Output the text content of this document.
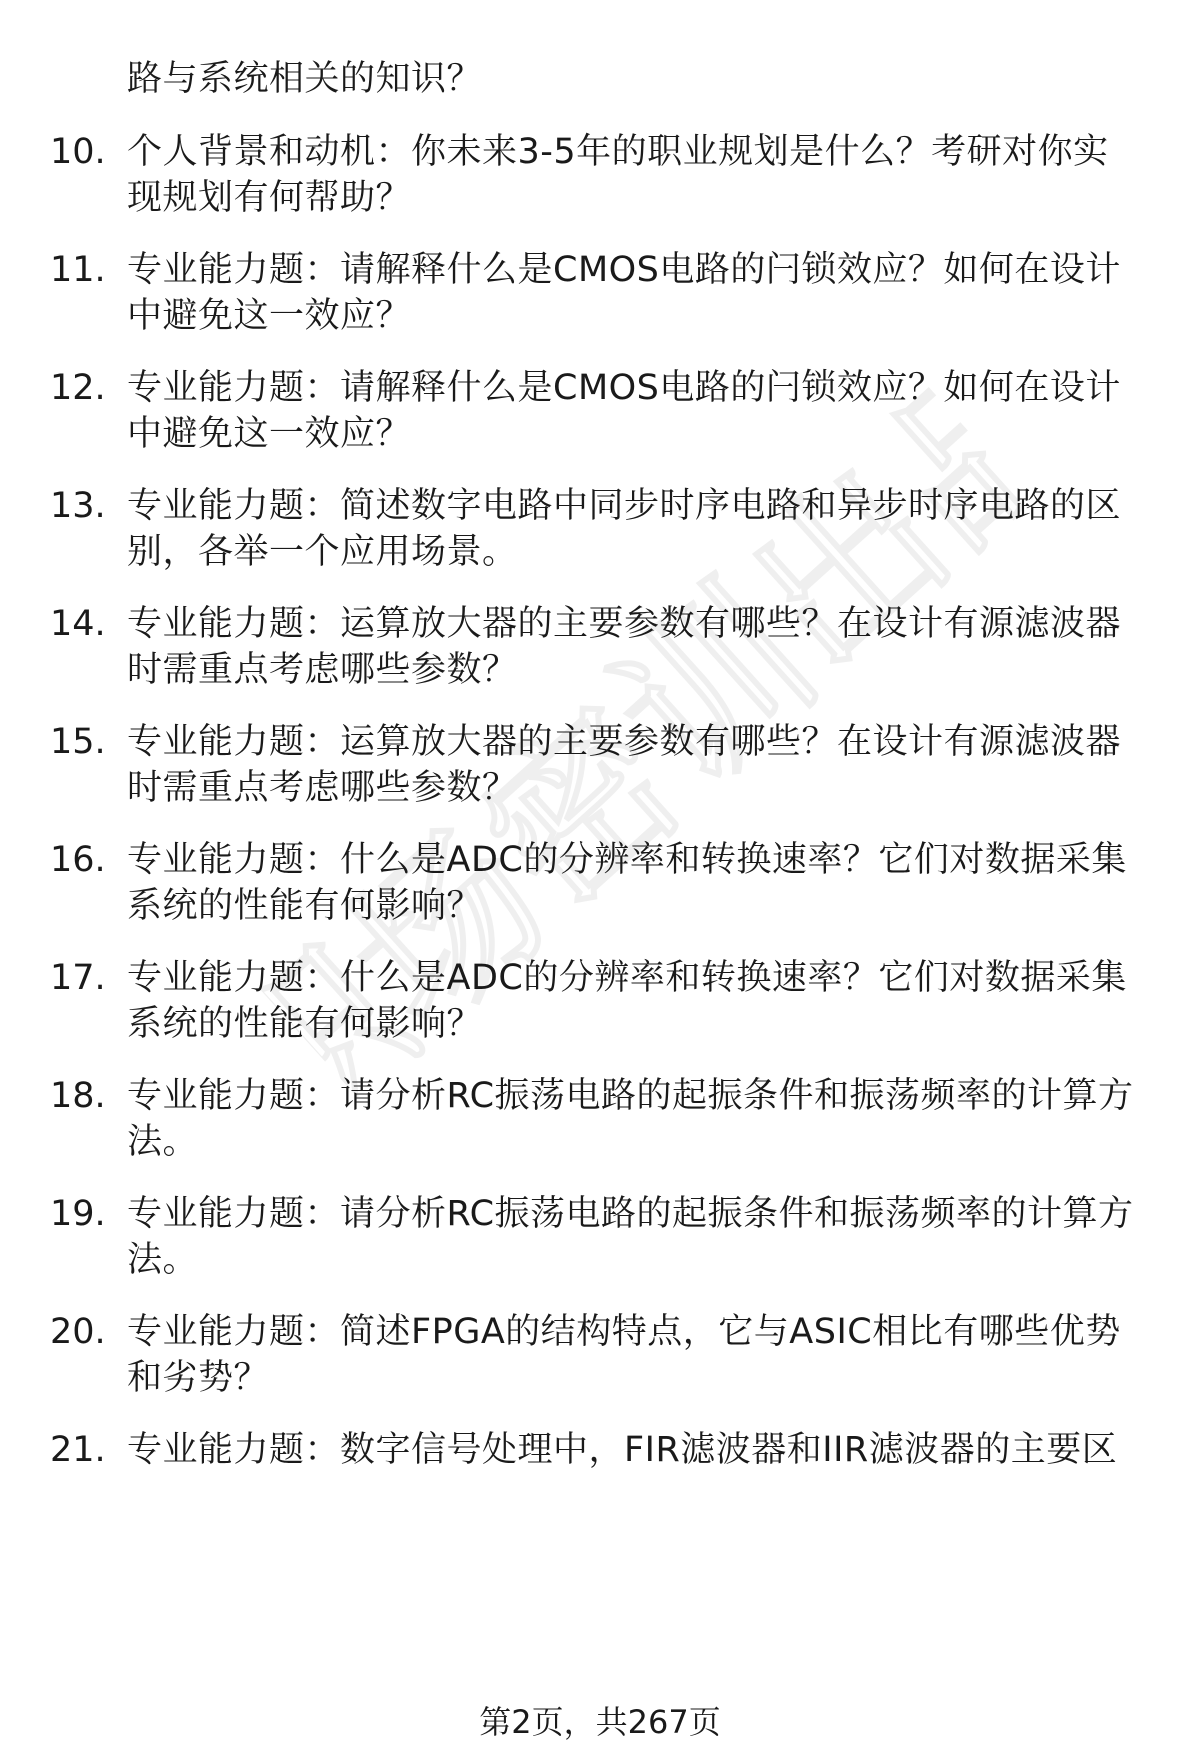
职场密训出品
路与系统相关的知识？
10. 个人背景和动机：你未来3-5年的职业规划是什么？考研对你实
现规划有何帮助？
11. 专业能力题：请解释什么是CMOS电路的闩锁效应？如何在设计
中避免这一效应？
12. 专业能力题：请解释什么是CMOS电路的闩锁效应？如何在设计
中避免这一效应？
13. 专业能力题：简述数字电路中同步时序电路和异步时序电路的区
别，各举一个应用场景。
14. 专业能力题：运算放大器的主要参数有哪些？在设计有源滤波器
时需重点考虑哪些参数？
15. 专业能力题：运算放大器的主要参数有哪些？在设计有源滤波器
时需重点考虑哪些参数？
16. 专业能力题：什么是ADC的分辨率和转换速率？它们对数据采集
系统的性能有何影响？
17. 专业能力题：什么是ADC的分辨率和转换速率？它们对数据采集
系统的性能有何影响？
18. 专业能力题：请分析RC振荡电路的起振条件和振荡频率的计算方
法。
19. 专业能力题：请分析RC振荡电路的起振条件和振荡频率的计算方
法。
20. 专业能力题：简述FPGA的结构特点，它与ASIC相比有哪些优势
和劣势？
21. 专业能力题：数字信号处理中，FIR滤波器和IIR滤波器的主要区
第2页，共267页
